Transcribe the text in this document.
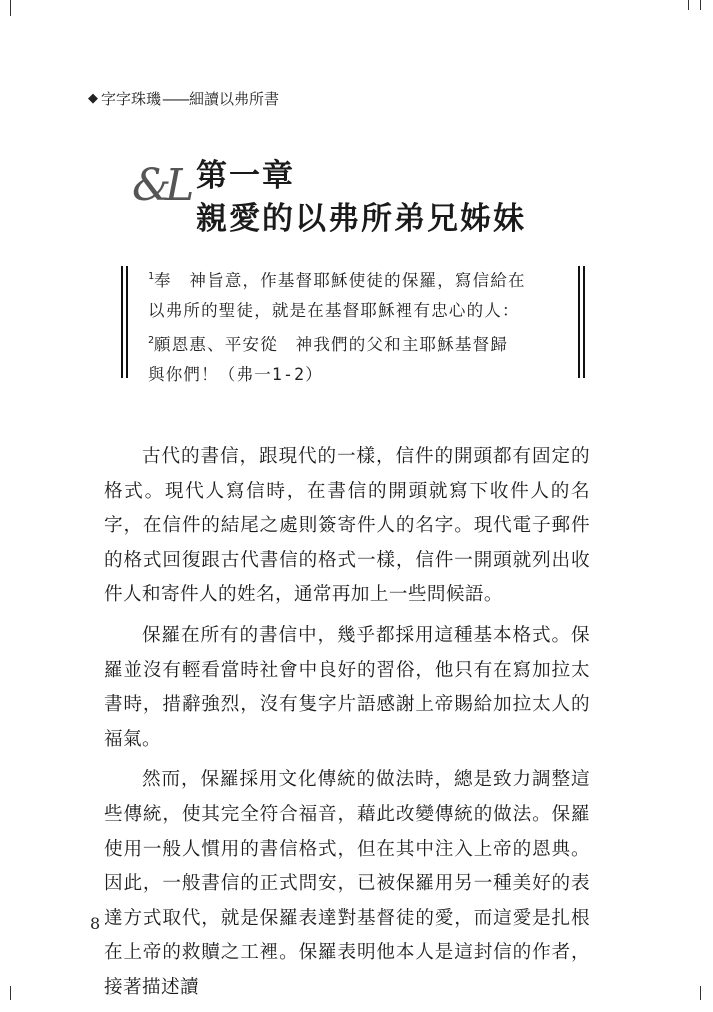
◆ 字字珠璣 —— 細讀以弗所書
&L 第一章
親愛的以弗所弟兄姊妹
$^1$奉　神旨意，作基督耶穌使徒的保羅，寫信給在
以弗所的聖徒，就是在基督耶穌裡有忠心的人：
$^2$願恩惠、平安從　神我們的父和主耶穌基督歸
與你們！（弗一1-2）

古代的書信，跟現代的一樣，信件的開頭都有固定的格式。現代人寫信時，在書信的開頭就寫下收件人的名字，在信件的結尾之處則簽寄件人的名字。現代電子郵件的格式回復跟古代書信的格式一樣，信件一開頭就列出收件人和寄件人的姓名，通常再加上一些問候語。

保羅在所有的書信中，幾乎都採用這種基本格式。保羅並沒有輕看當時社會中良好的習俗，他只有在寫加拉太書時，措辭強烈，沒有隻字片語感謝上帝賜給加拉太人的福氣。

然而，保羅採用文化傳統的做法時，總是致力調整這些傳統，使其完全符合福音，藉此改變傳統的做法。保羅使用一般人慣用的書信格式，但在其中注入上帝的恩典。因此，一般書信的正式問安，已被保羅用另一種美好的表達方式取代，就是保羅表達對基督徒的愛，而這愛是扎根在上帝的救贖之工裡。保羅表明他本人是這封信的作者，接著描述讀

8
